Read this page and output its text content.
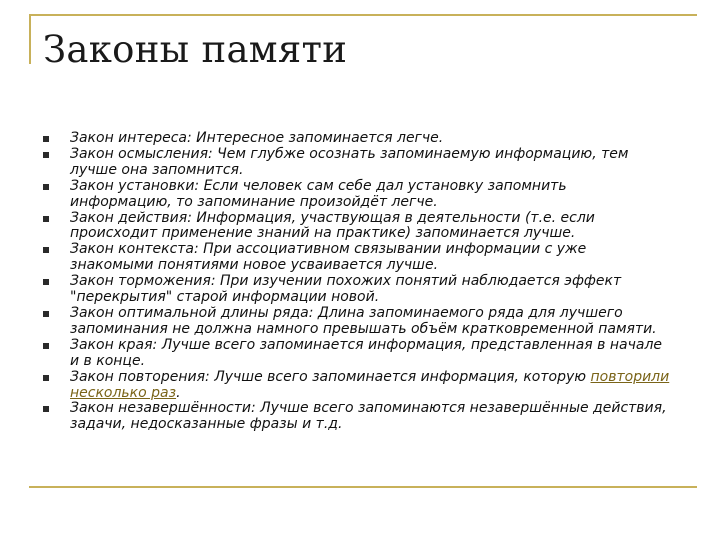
Законы памяти
Закон интереса: Интересное запоминается легче.
Закон осмысления: Чем глубже осознать запоминаемую информацию, тем лучше она запомнится.
Закон установки: Если человек сам себе дал установку запомнить информацию, то запоминание произойдёт легче.
Закон действия: Информация, участвующая в деятельности (т.е. если происходит применение знаний на практике) запоминается лучше.
Закон контекста: При ассоциативном связывании информации с уже знакомыми понятиями новое усваивается лучше.
Закон торможения: При изучении похожих понятий наблюдается эффект "перекрытия" старой информации новой.
Закон оптимальной длины ряда: Длина запоминаемого ряда для лучшего запоминания не должна намного превышать объём кратковременной памяти.
Закон края: Лучше всего запоминается информация, представленная в начале и в конце.
Закон повторения: Лучше всего запоминается информация, которую повторили несколько раз.
Закон незавершённости: Лучше всего запоминаются незавершённые действия, задачи, недосказанные фразы и т.д.
